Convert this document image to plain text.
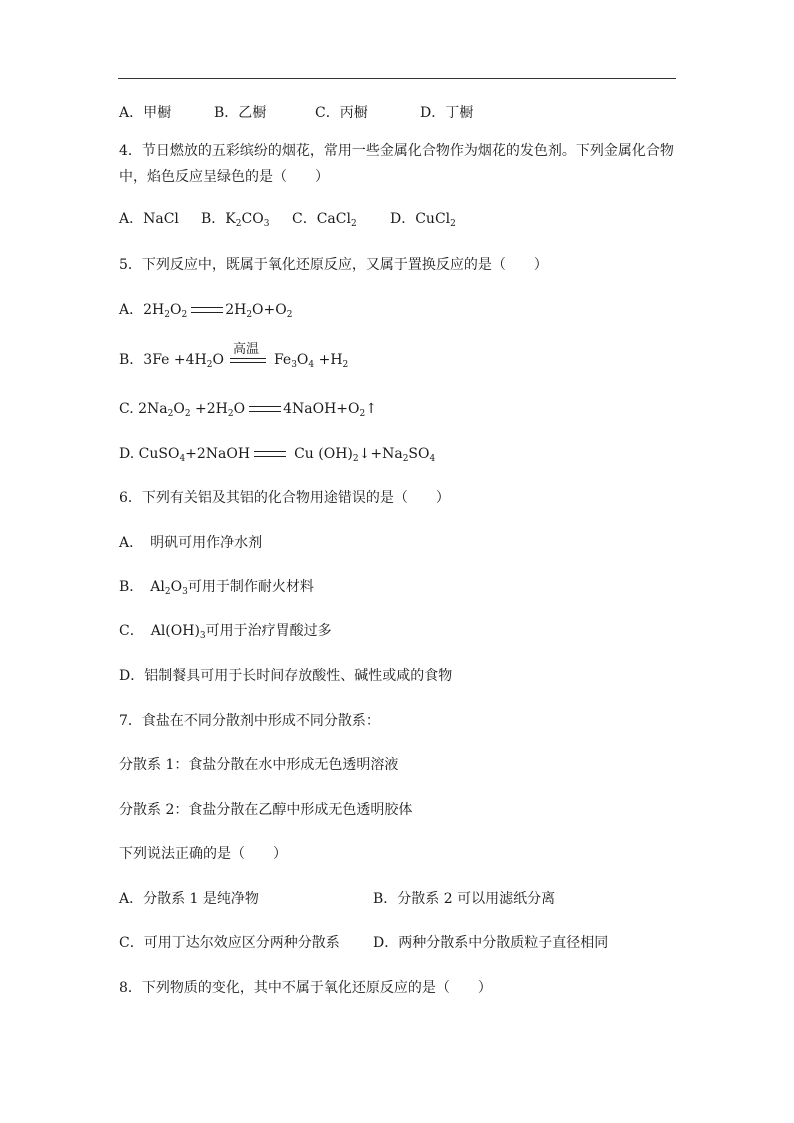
A．甲橱	B．乙橱	C．丙橱	D．丁橱
4．节日燃放的五彩缤纷的烟花，常用一些金属化合物作为烟花的发色剂。下列金属化合物
中，焰色反应呈绿色的是（　　）
A．NaCl B．$K_2CO_3$ C．CaCl$_2$ D．CuCl$_2$
5．下列反应中，既属于氧化还原反应，又属于置换反应的是（　　）
A．$2H_2O_2$	$2H_2O+O_2$
B．$3Fe +4H_2O$
高温
$Fe_3O_4 +H_2$
C. $2Na_2O_2 +2H_2O$	$4NaOH+O_2↑$
D. CuSO$_4$+2NaOH	Cu $(OH)_2↓+Na_2SO_4$
6．下列有关铝及其铝的化合物用途错误的是（　　）
A．　明矾可用作净水剂
B．　$Al_2O_3$可用于制作耐火材料
C．　$Al(OH)_3$可用于治疗胃酸过多
D．铝制餐具可用于长时间存放酸性、碱性或咸的食物
7．食盐在不同分散剂中形成不同分散系：
分散系 1：食盐分散在水中形成无色透明溶液
分散系 2：食盐分散在乙醇中形成无色透明胶体
下列说法正确的是（　　）
A．分散系 1 是纯净物	B．分散系 2 可以用滤纸分离
C．可用丁达尔效应区分两种分散系 D．两种分散系中分散质粒子直径相同
8．下列物质的变化，其中不属于氧化还原反应的是（　　）
